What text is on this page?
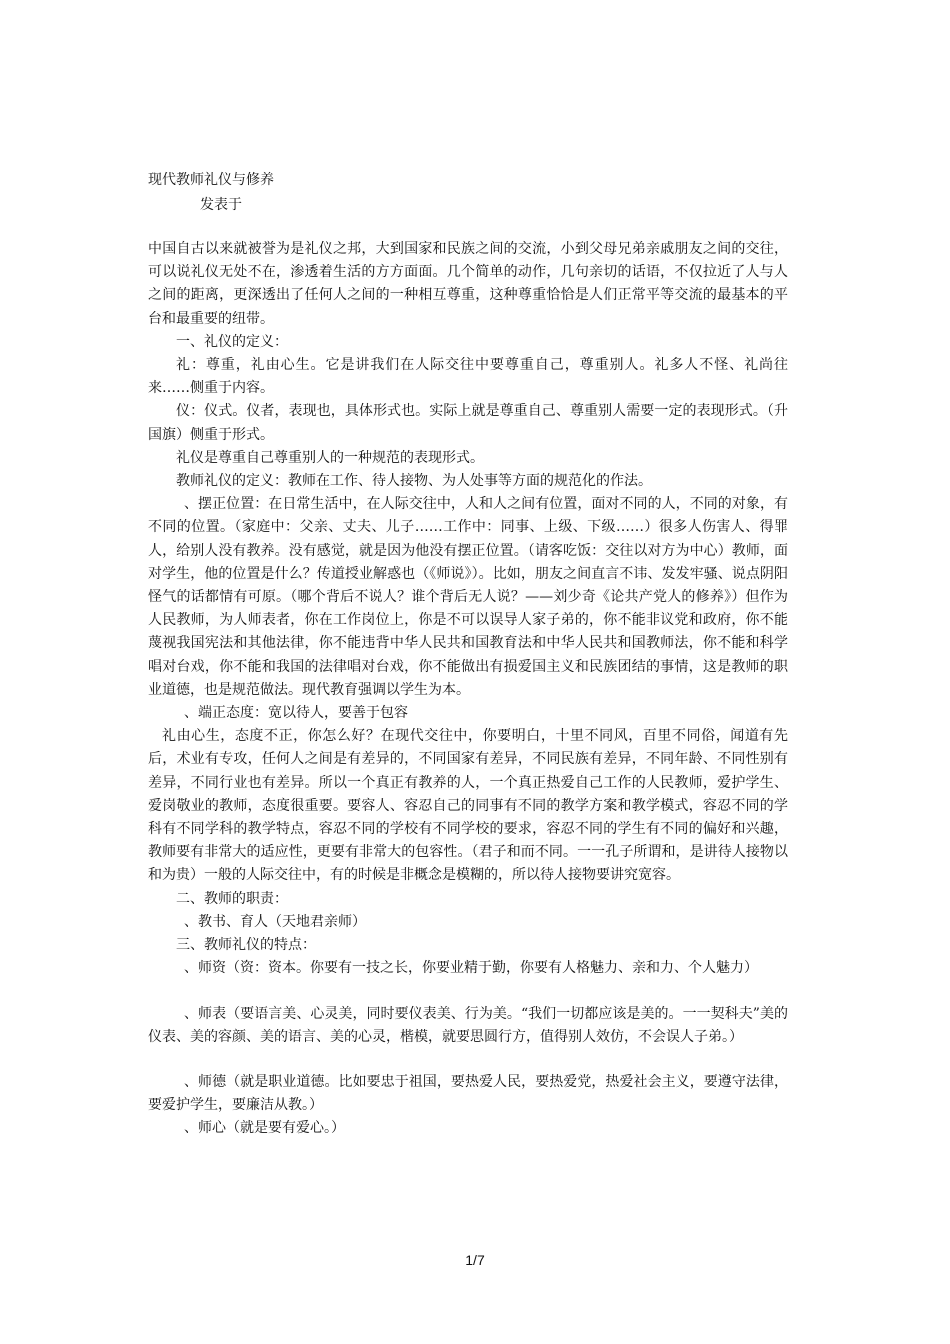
现代教师礼仪与修养
发表于

中国自古以来就被誉为是礼仪之邦，大到国家和民族之间的交流，小到父母兄弟亲戚朋友之间的交往，可以说礼仪无处不在，渗透着生活的方方面面。几个简单的动作，几句亲切的话语，不仅拉近了人与人之间的距离，更深透出了任何人之间的一种相互尊重，这种尊重恰恰是人们正常平等交流的最基本的平台和最重要的纽带。

一、礼仪的定义：

礼：尊重，礼由心生。它是讲我们在人际交往中要尊重自己，尊重别人。礼多人不怪、礼尚往来……侧重于内容。

仪：仪式。仪者，表现也，具体形式也。实际上就是尊重自己、尊重别人需要一定的表现形式。（升国旗）侧重于形式。

礼仪是尊重自己尊重别人的一种规范的表现形式。

教师礼仪的定义：教师在工作、待人接物、为人处事等方面的规范化的作法。

、摆正位置：在日常生活中，在人际交往中，人和人之间有位置，面对不同的人，不同的对象，有不同的位置。（家庭中：父亲、丈夫、儿子……工作中：同事、上级、下级……）很多人伤害人、得罪人，给别人没有教养。没有感觉，就是因为他没有摆正位置。（请客吃饭：交往以对方为中心）教师，面对学生，他的位置是什么？传道授业解惑也（《师说》）。比如，朋友之间直言不讳、发发牢骚、说点阴阳怪气的话都情有可原。（哪个背后不说人？谁个背后无人说？——刘少奇《论共产党人的修养》）但作为人民教师，为人师表者，你在工作岗位上，你是不可以误导人家子弟的，你不能非议党和政府，你不能蔑视我国宪法和其他法律，你不能违背中华人民共和国教育法和中华人民共和国教师法，你不能和科学唱对台戏，你不能和我国的法律唱对台戏，你不能做出有损爱国主义和民族团结的事情，这是教师的职业道德，也是规范做法。现代教育强调以学生为本。

、端正态度：宽以待人，要善于包容

礼由心生，态度不正，你怎么好？在现代交往中，你要明白，十里不同风，百里不同俗，闻道有先后，术业有专攻，任何人之间是有差异的，不同国家有差异，不同民族有差异，不同年龄、不同性别有差异，不同行业也有差异。所以一个真正有教养的人，一个真正热爱自己工作的人民教师，爱护学生、爱岗敬业的教师，态度很重要。要容人、容忍自己的同事有不同的教学方案和教学模式，容忍不同的学科有不同学科的教学特点，容忍不同的学校有不同学校的要求，容忍不同的学生有不同的偏好和兴趣，教师要有非常大的适应性，更要有非常大的包容性。（君子和而不同。一一孔子所谓和，是讲待人接物以和为贵）一般的人际交往中，有的时候是非概念是模糊的，所以待人接物要讲究宽容。

二、教师的职责：

、教书、育人（天地君亲师）

三、教师礼仪的特点：

、师资（资：资本。你要有一技之长，你要业精于勤，你要有人格魅力、亲和力、个人魅力）

、师表（要语言美、心灵美，同时要仪表美、行为美。“我们一切都应该是美的。一一契科夫”美的仪表、美的容颜、美的语言、美的心灵，楷模，就要思圆行方，值得别人效仿，不会误人子弟。）

、师德（就是职业道德。比如要忠于祖国，要热爱人民，要热爱党，热爱社会主义，要遵守法律，要爱护学生，要廉洁从教。）

、师心（就是要有爱心。）

1/7
